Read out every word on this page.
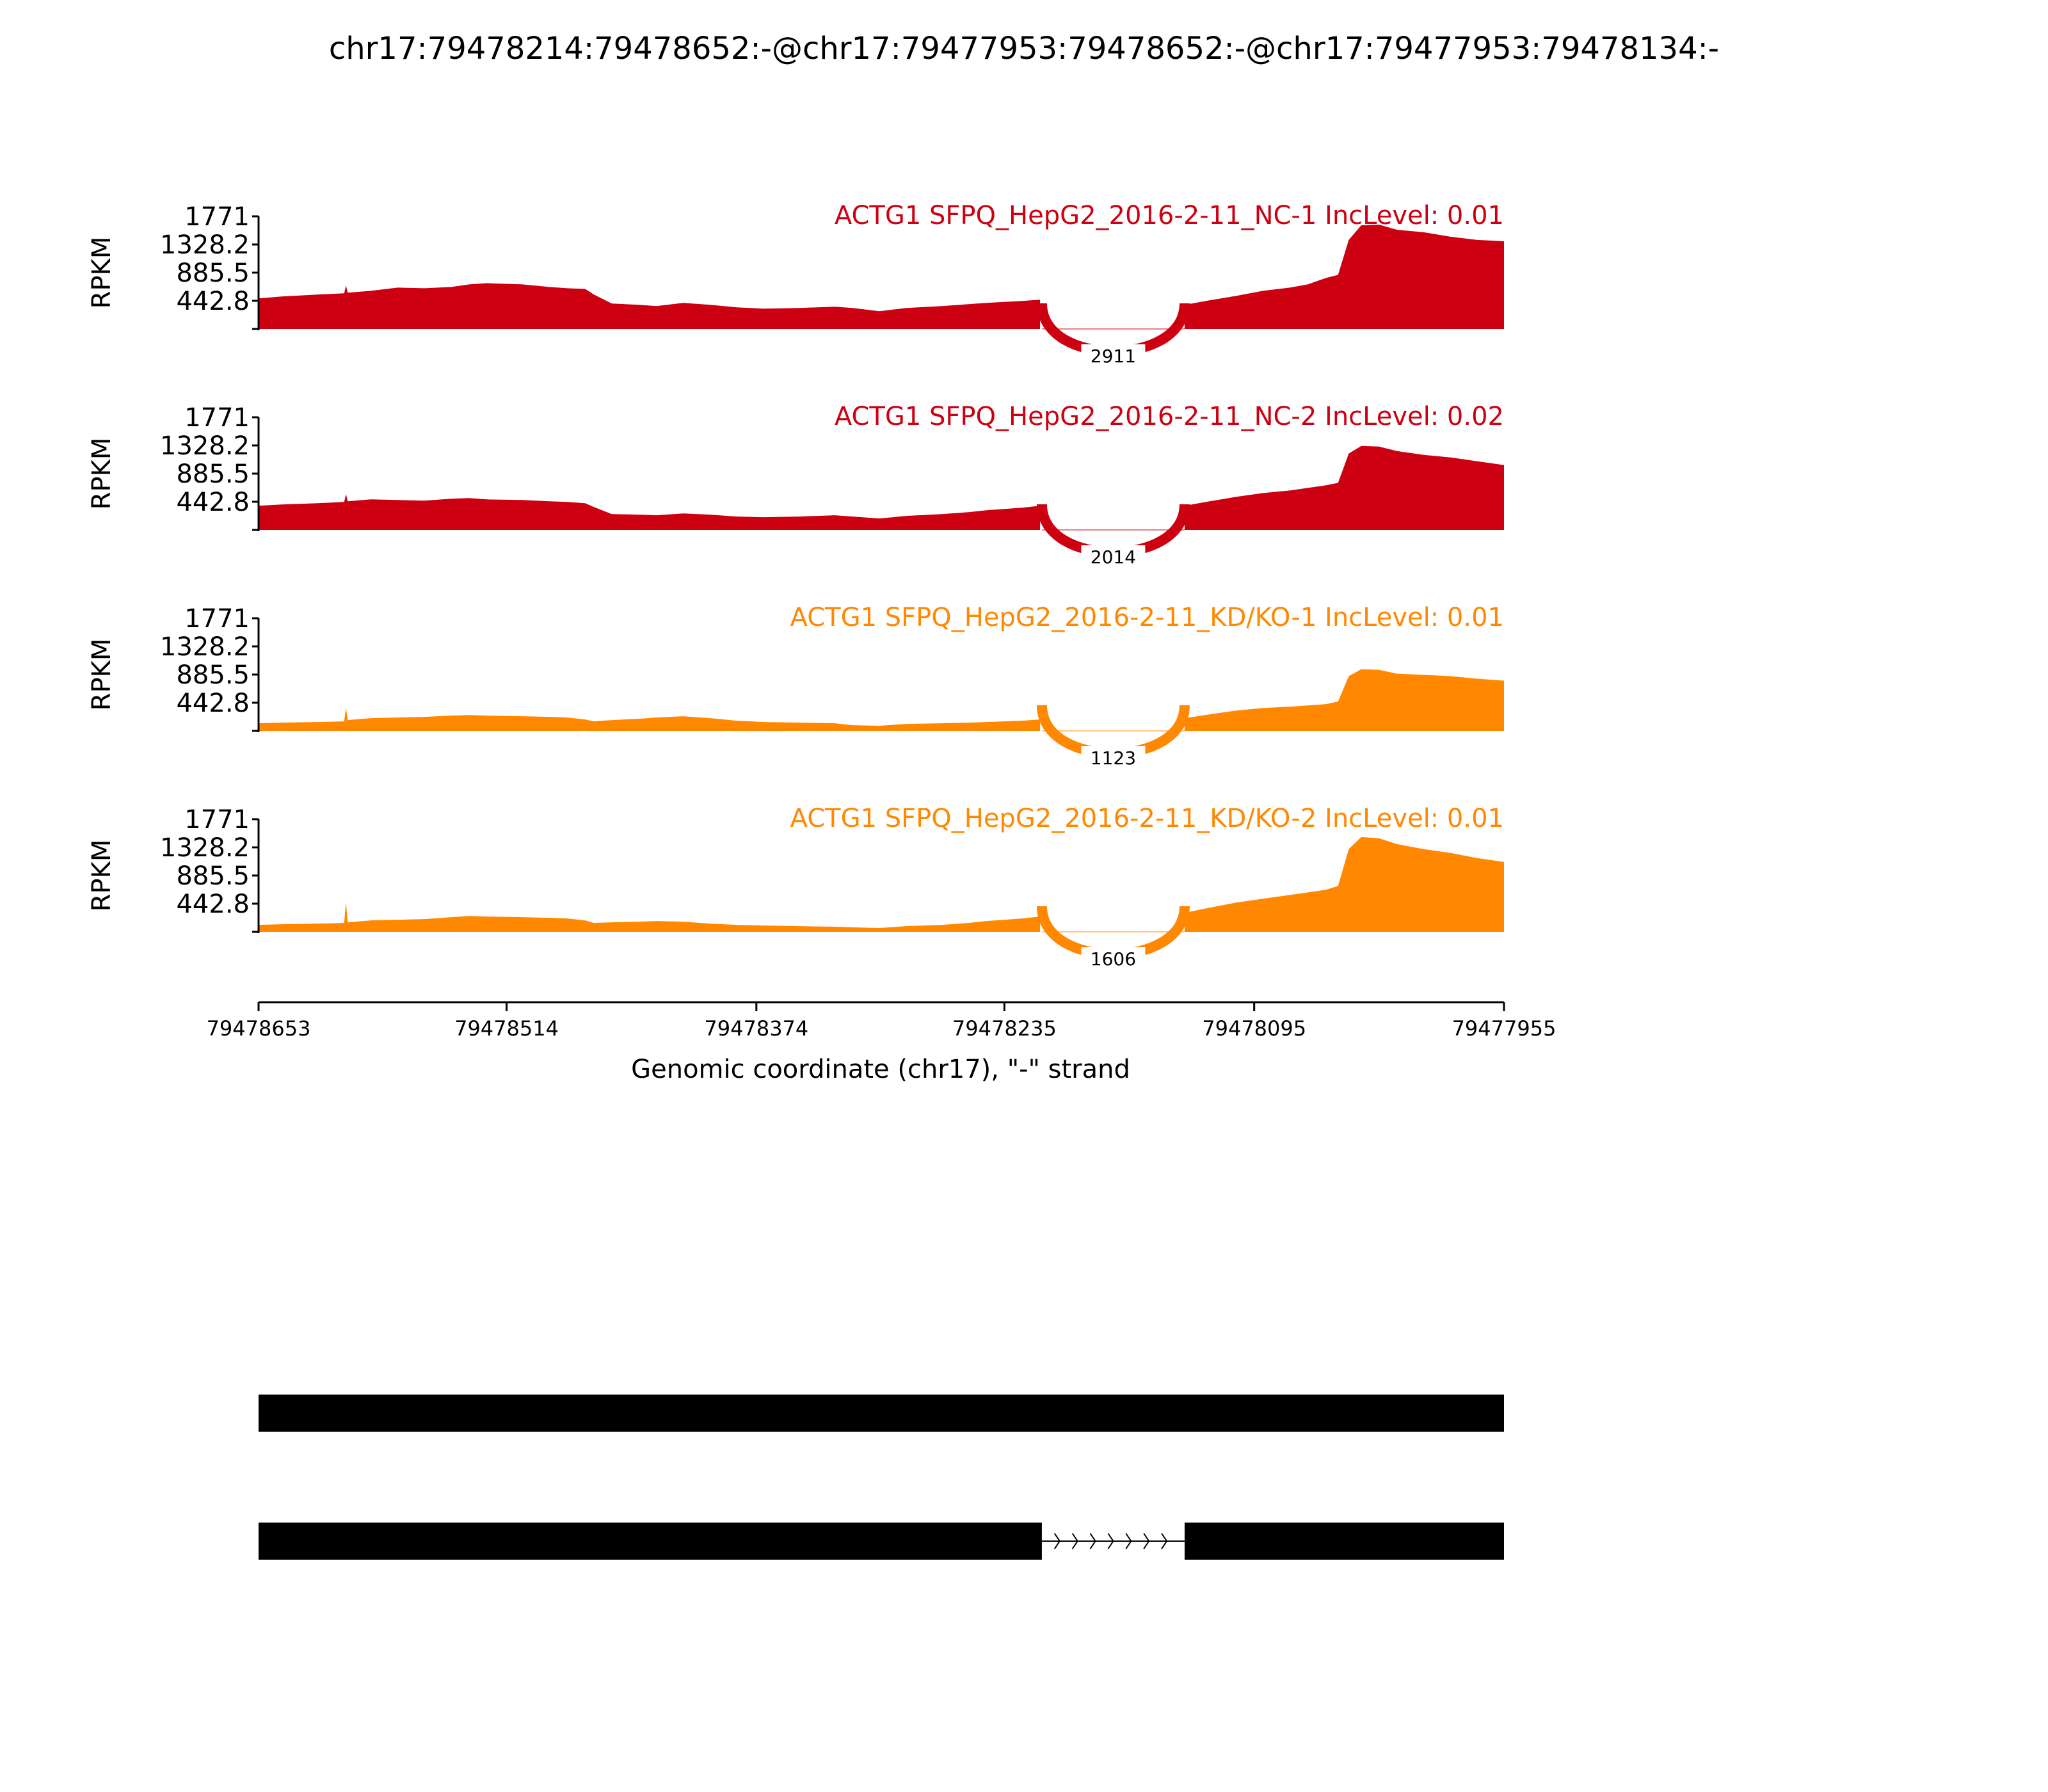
chr17:79478214:79478652:-@chr17:79477953:79478652:-@chr17:79477953:79478134:-
2911
442.8
885.5
1328.2
1771
RPKM
ACTG1 SFPQ_HepG2_2016-2-11_NC-1 IncLevel: 0.01
2014
442.8
885.5
1328.2
1771
RPKM
ACTG1 SFPQ_HepG2_2016-2-11_NC-2 IncLevel: 0.02
1123
442.8
885.5
1328.2
1771
RPKM
ACTG1 SFPQ_HepG2_2016-2-11_KD/KO-1 IncLevel: 0.01
1606
442.8
885.5
1328.2
1771
RPKM
ACTG1 SFPQ_HepG2_2016-2-11_KD/KO-2 IncLevel: 0.01
79478653	79478514	79478374	79478235	79478095	79477955
Genomic coordinate (chr17), "-" strand
